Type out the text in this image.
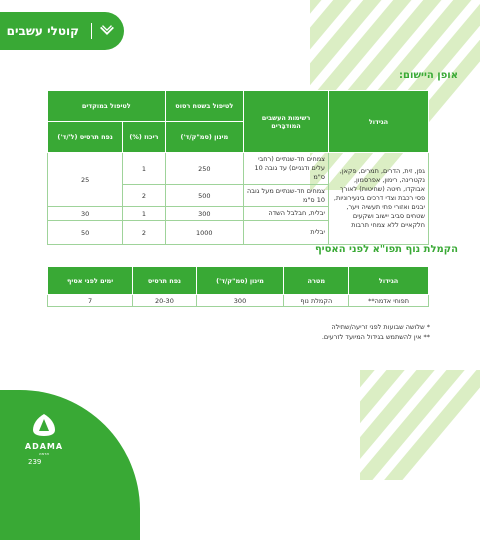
קוטלי עשבים
אופן היישום:
הגידול	רשימות העשבים המודבָּרים	לטיפול בשטח רסוס	לטיפול במוקדים	
		מינון (סמ"ק/ד')	ריכוז (%)	נפח תרסיס (ל'/ד')
גפן, זית, הדרים, תמרים, פקאן, נקטרינה, רימון, אפרסמון, אבוקדו, חיטה (שחיטות) לאורך פסי רכבת וצדי דרכים בינעירוניות, יבנים ואזורי פתי תעשיה ויער, שטחים סביב יישוב ושקעים חלקאיים ללא צמחי תרבות	צמחים חד-שנתיים (רחבי עלים ודגניים) עד גובה 10 ס"מ	250	1	25
	צמחים חד-שנתיים מעל גובה 10 ס"מ	500	2	
	יבלית, חבלבל השדה	300	1	30
	יבלית	1000	2	50
הקמלת נוף תפו"א לפני האסיף
הגידול	מטרה	מינון (סמ"ק/ד')	נפח תרסיס	ימים לפני אסיף
תפוחי אדמה**	הקמלת נוף	300	20-30	7
* שלושה שבועות לפני זריעה/שתילה
** אין להשתמש בגידול המיועד לזרעים.
ADAMA
אדמה
239
